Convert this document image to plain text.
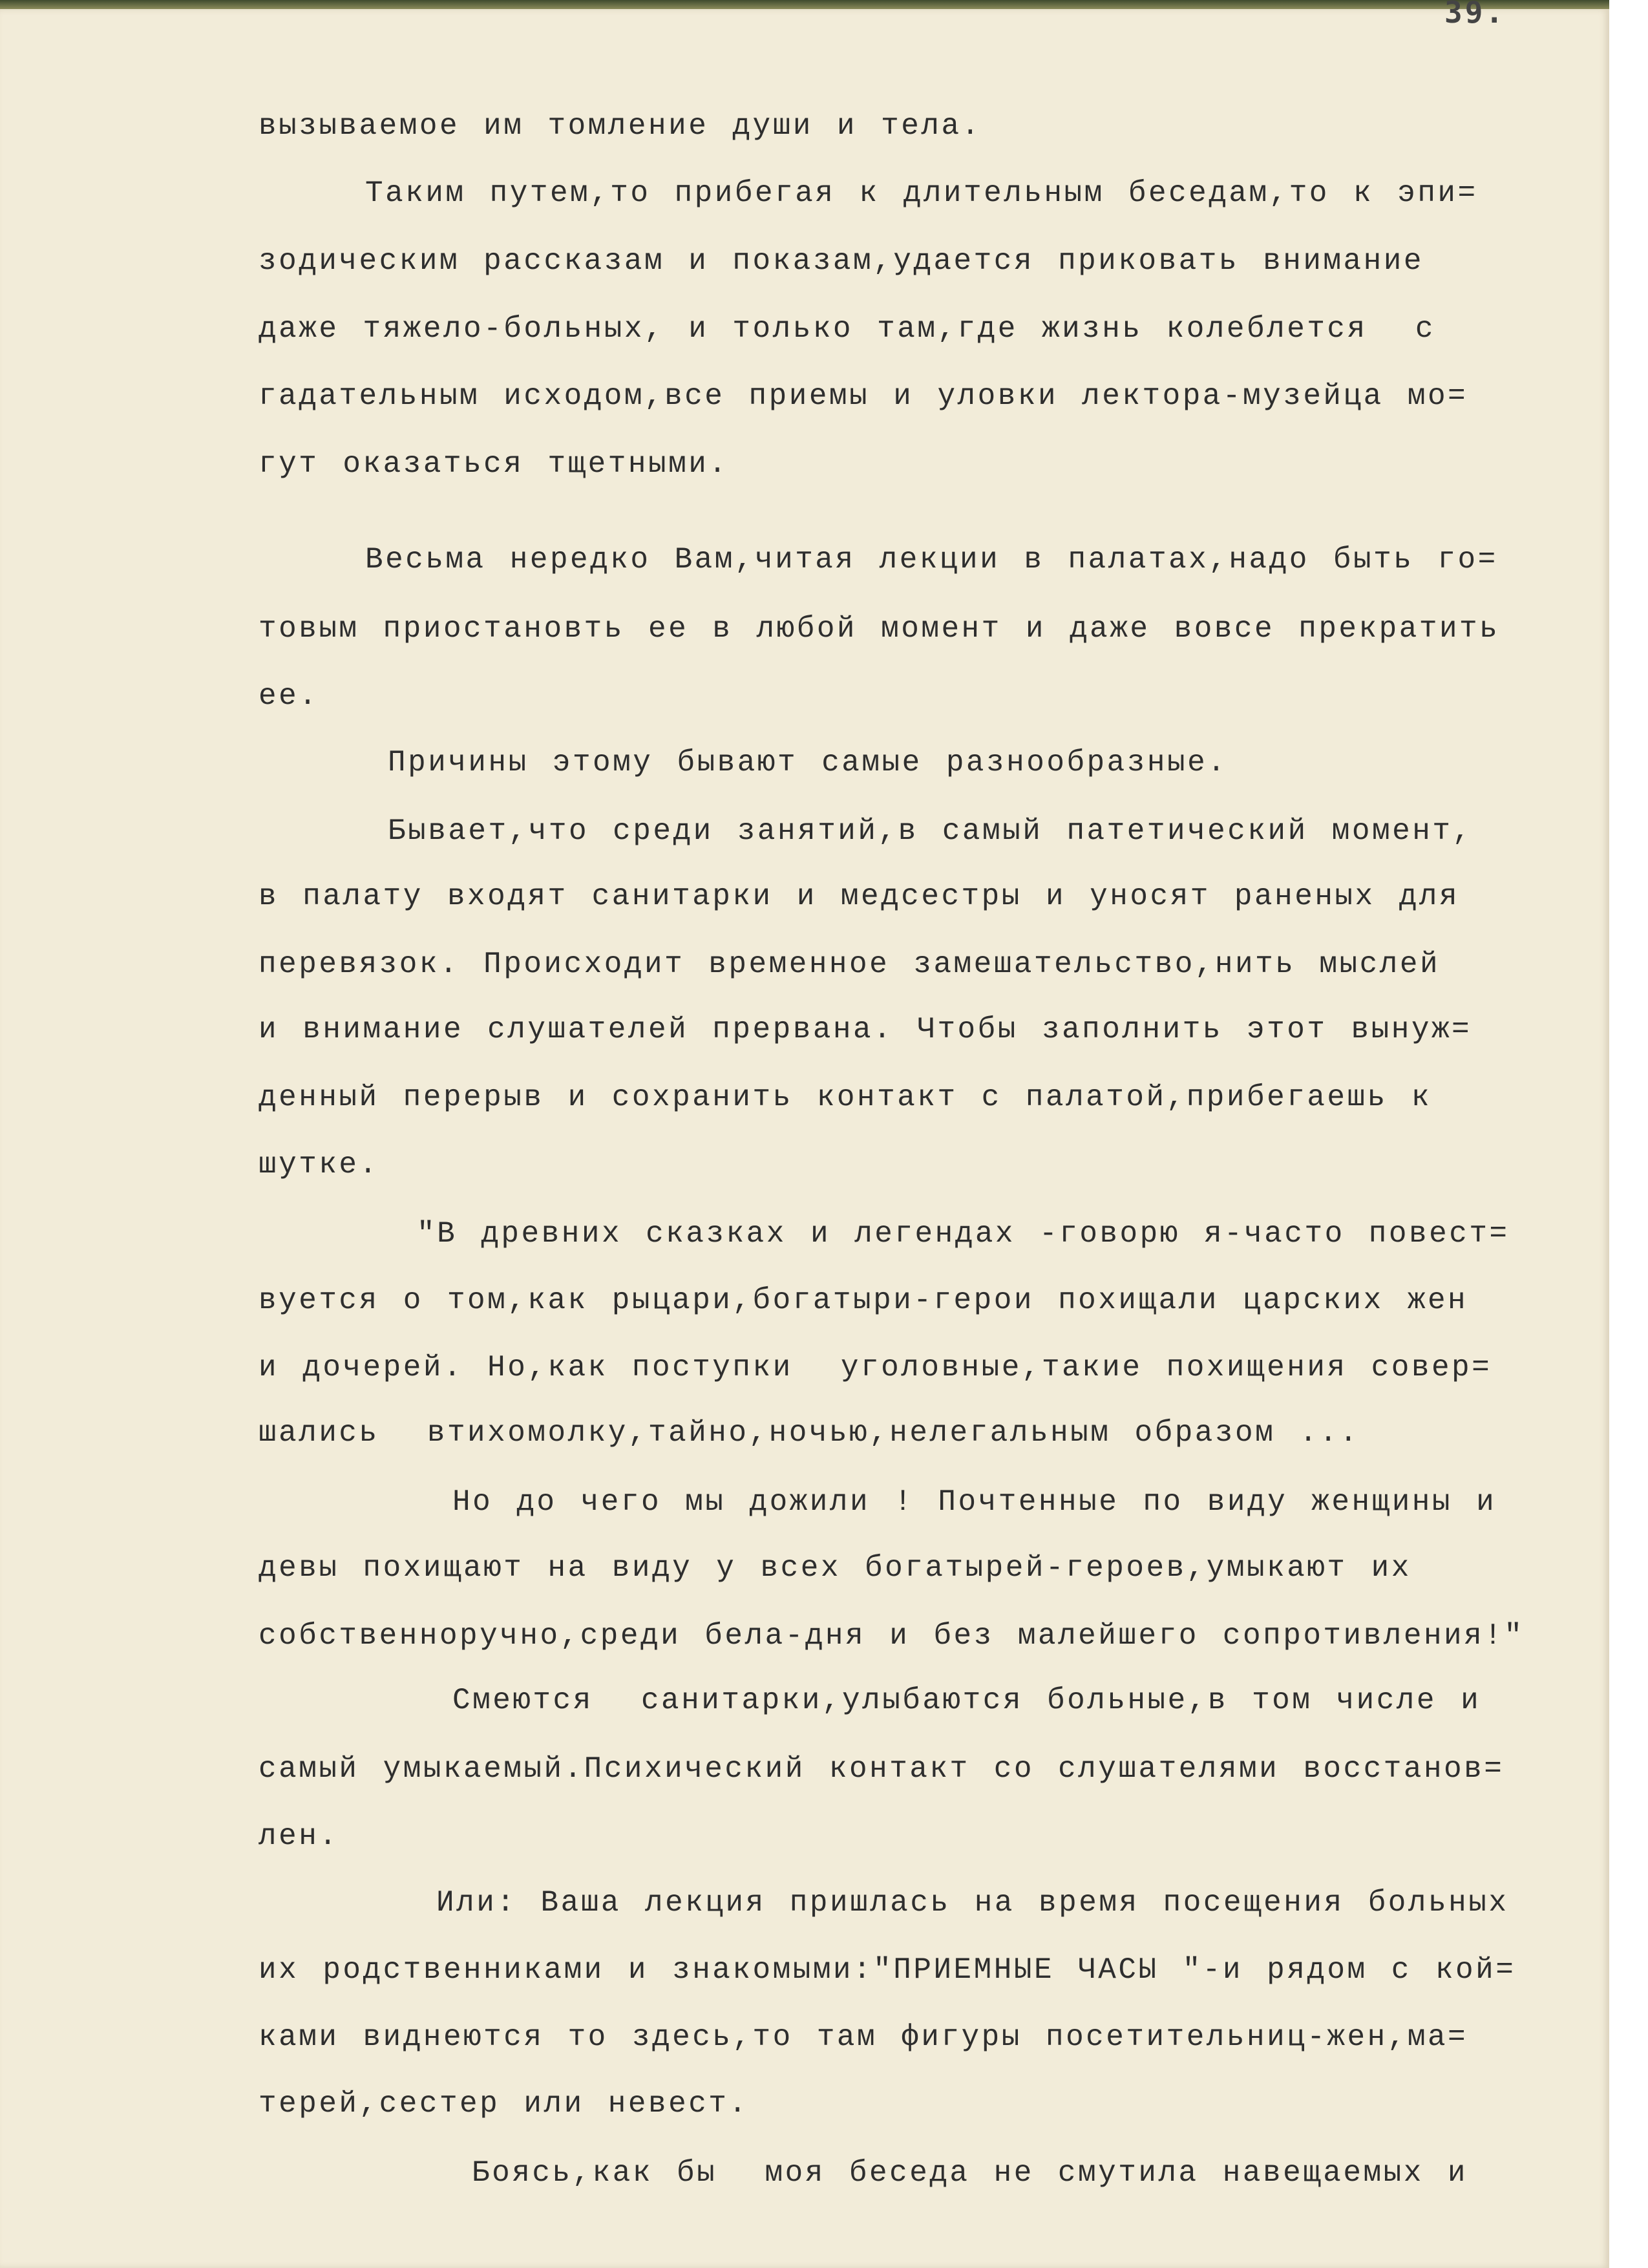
39.
вызываемое им томление души и тела.
Таким путем,то прибегая к длительным беседам,то к эпи=
зодическим рассказам и показам,удается приковать внимание
даже тяжело-больных, и только там,где жизнь колеблется  с
гадательным исходом,все приемы и уловки лектора-музейца мо=
гут оказаться тщетными.
Весьма нередко Вам,читая лекции в палатах,надо быть го=
товым приостановть ее в любой момент и даже вовсе прекратить
ее.
Причины этому бывают самые разнообразные.
Бывает,что среди занятий,в самый патетический момент,
в палату входят санитарки и медсестры и уносят раненых для
перевязок. Происходит временное замешательство,нить мыслей
и внимание слушателей прервана. Чтобы заполнить этот вынуж=
денный перерыв и сохранить контакт с палатой,прибегаешь к
шутке.
"В древних сказках и легендах -говорю я-часто повест=
вуется о том,как рыцари,богатыри-герои похищали царских жен
и дочерей. Но,как поступки  уголовные,такие похищения совер=
шались  втихомолку,тайно,ночью,нелегальным образом ...
Но до чего мы дожили ! Почтенные по виду женщины и
девы похищают на виду у всех богатырей-героев,умыкают их
собственноручно,среди бела-дня и без малейшего сопротивления!"
Смеются  санитарки,улыбаются больные,в том числе и
самый умыкаемый.Психический контакт со слушателями восстанов=
лен.
Или: Ваша лекция пришлась на время посещения больных
их родственниками и знакомыми:"ПРИЕМНЫЕ ЧАСЫ "-и рядом с кой=
ками виднеются то здесь,то там фигуры посетительниц-жен,ма=
терей,сестер или невест.
Боясь,как бы  моя беседа не смутила навещаемых и
